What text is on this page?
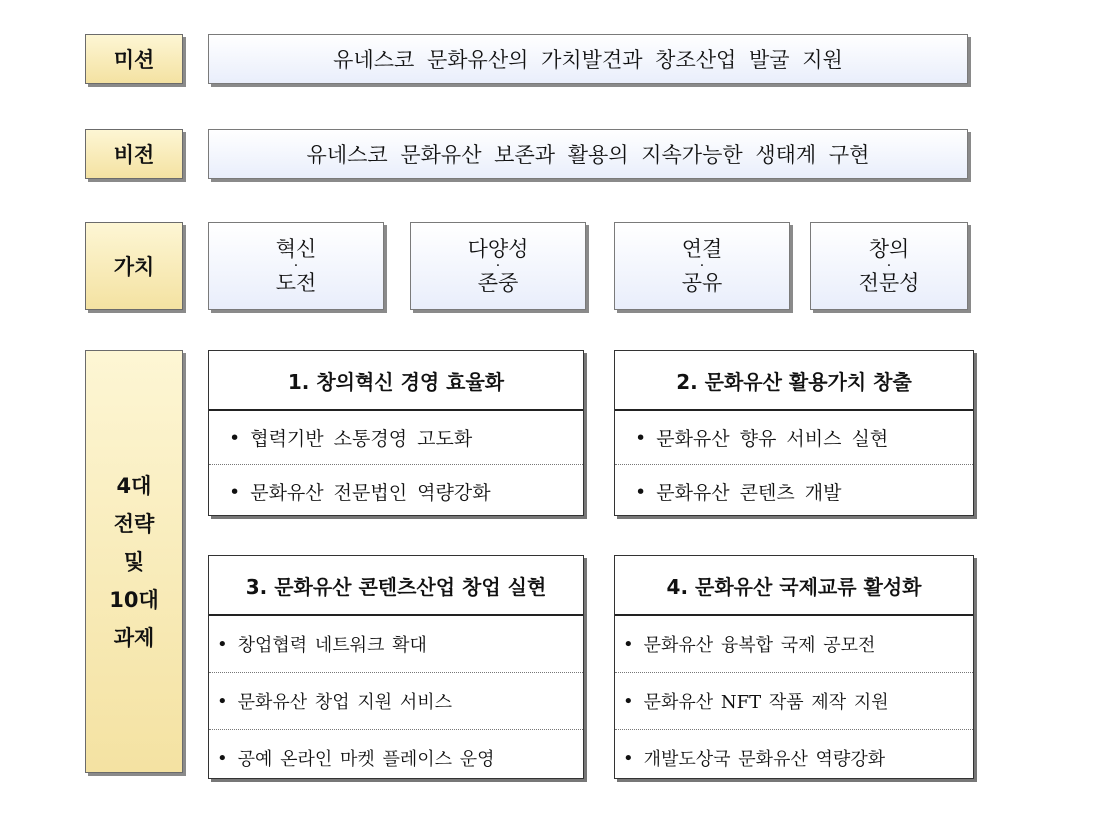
미션	유네스코 문화유산의 가치발견과 창조산업 발굴 지원
비전	유네스코 문화유산 보존과 활용의 지속가능한 생태계 구현
가치
혁신
·
도전
다양성
·
존중
연결
·
공유
창의
·
전문성
4대
전략
및
10대
과제
1. 창의혁신 경영 효율화
• 협력기반 소통경영 고도화
• 문화유산 전문법인 역량강화
2. 문화유산 활용가치 창출
• 문화유산 향유 서비스 실현
• 문화유산 콘텐츠 개발
3. 문화유산 콘텐츠산업 창업 실현
• 창업협력 네트워크 확대
• 문화유산 창업 지원 서비스
• 공예 온라인 마켓 플레이스 운영
4. 문화유산 국제교류 활성화
• 문화유산 융복합 국제 공모전
• 문화유산 NFT 작품 제작 지원
• 개발도상국 문화유산 역량강화
